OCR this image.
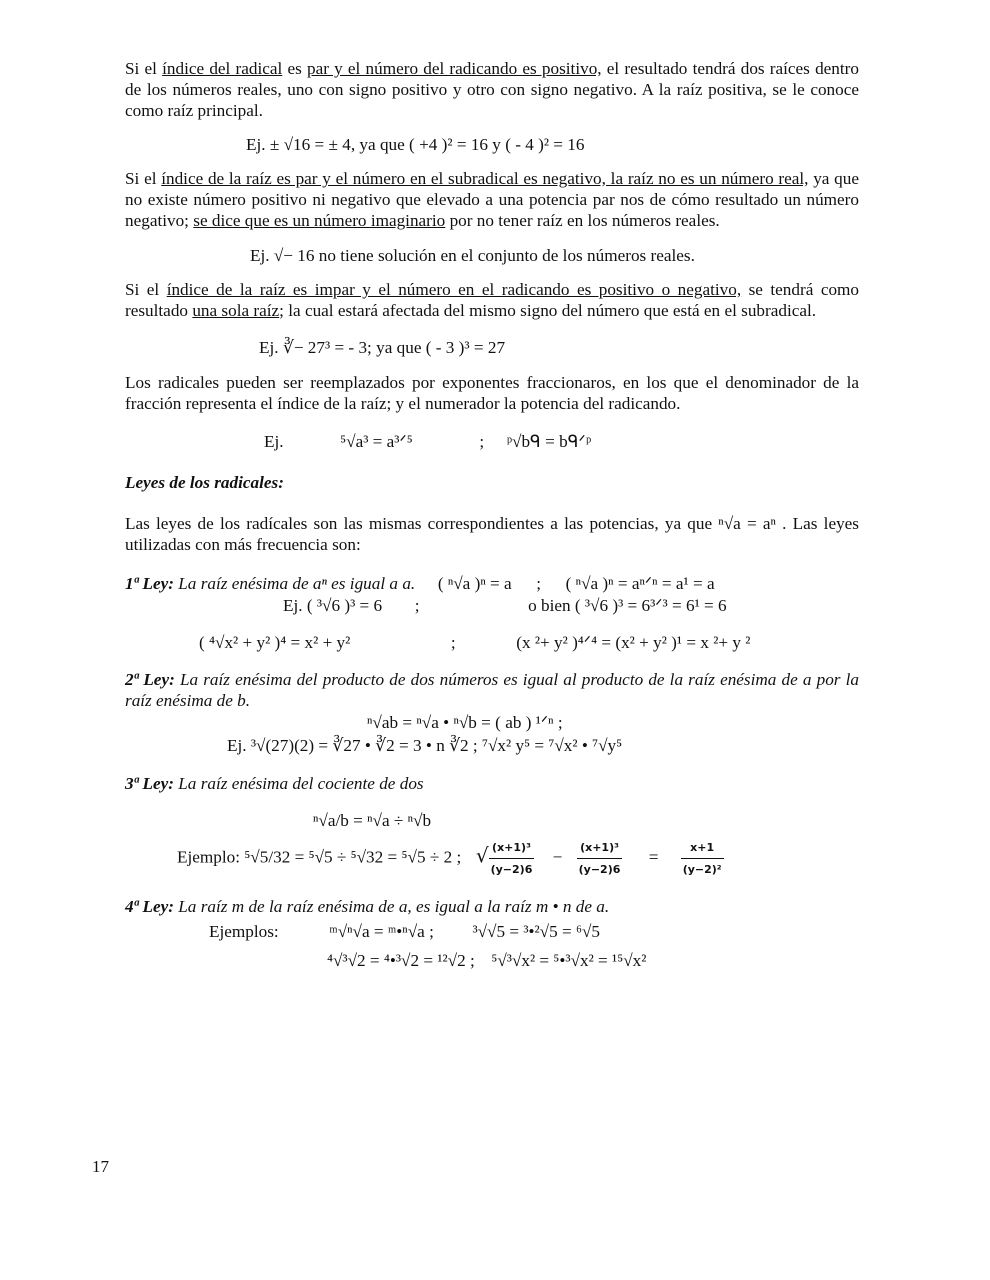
Si el índice del radical es par y el número del radicando es positivo, el resultado tendrá dos raíces dentro de los números reales, uno con signo positivo y otro con signo negativo. A la raíz positiva, se le conoce como raíz principal.

Ej. ± √16 = ± 4, ya que ( +4 )² = 16 y ( - 4 )² = 16

Si el índice de la raíz es par y el número en el subradical es negativo, la raíz no es un número real, ya que no existe número positivo ni negativo que elevado a una potencia par nos de cómo resultado un número negativo; se dice que es un número imaginario por no tener raíz en los números reales.

Ej. √− 16 no tiene solución en el conjunto de los números reales.

Si el índice de la raíz es impar y el número en el radicando es positivo o negativo, se tendrá como resultado una sola raíz; la cual estará afectada del mismo signo del número que está en el subradical.

Ej. ∛− 27³ = - 3; ya que ( - 3 )³ = 27

Los radicales pueden ser reemplazados por exponentes fraccionaros, en los que el denominador de la fracción representa el índice de la raíz; y el numerador la potencia del radicando.

Ej.	⁵√a³ = a³ᐟ⁵	; ᵖ√bᑫ = bᑫᐟᵖ

Leyes de los radicales:

Las leyes de los radícales son las mismas correspondientes a las potencias, ya que ⁿ√a = aⁿ . Las leyes utilizadas con más frecuencia son:

1ª Ley: La raíz enésima de aⁿ es igual a a. ( ⁿ√a )ⁿ = a ; ( ⁿ√a )ⁿ = aⁿᐟⁿ = a¹ = a

Ej. ( ³√6 )³ = 6 ;	o bien ( ³√6 )³ = 6³ᐟ³ = 6¹ = 6

( ⁴√x² + y² )⁴ = x² + y²	;	(x ²+ y² )⁴ᐟ⁴ = (x² + y² )¹ = x ²+ y ²

2ª Ley: La raíz enésima del producto de dos números es igual al producto de la raíz enésima de a por la raíz enésima de b.

ⁿ√ab = ⁿ√a • ⁿ√b = ( ab ) ¹ᐟⁿ ;

Ej. ³√(27)(2) = ∛27 • ∛2 = 3 • n ∛2 ; ⁷√x² y⁵ = ⁷√x² • ⁷√y⁵

3ª Ley: La raíz enésima del cociente de dos

ⁿ√a/b = ⁿ√a ÷ ⁿ√b

Ejemplo: ⁵√5/32 = ⁵√5 ÷ ⁵√32 = ⁵√5 ÷ 2 ; √ $\frac{\text{(x+1)³}}{(y-2)6} - \frac{\text{(x+1)³}}{(y-2)6} = \frac{x+1}{\text{(y−2)²}}$

4ª Ley: La raíz m de la raíz enésima de a, es igual a la raíz m • n de a.

Ejemplos:	ᵐ√ⁿ√a = ᵐ•ⁿ√a ; ³√√5 = ³•²√5 = ⁶√5

⁴√³√2 = ⁴•³√2 = ¹²√2 ; ⁵√³√x² = ⁵•³√x² = ¹⁵√x²

17
